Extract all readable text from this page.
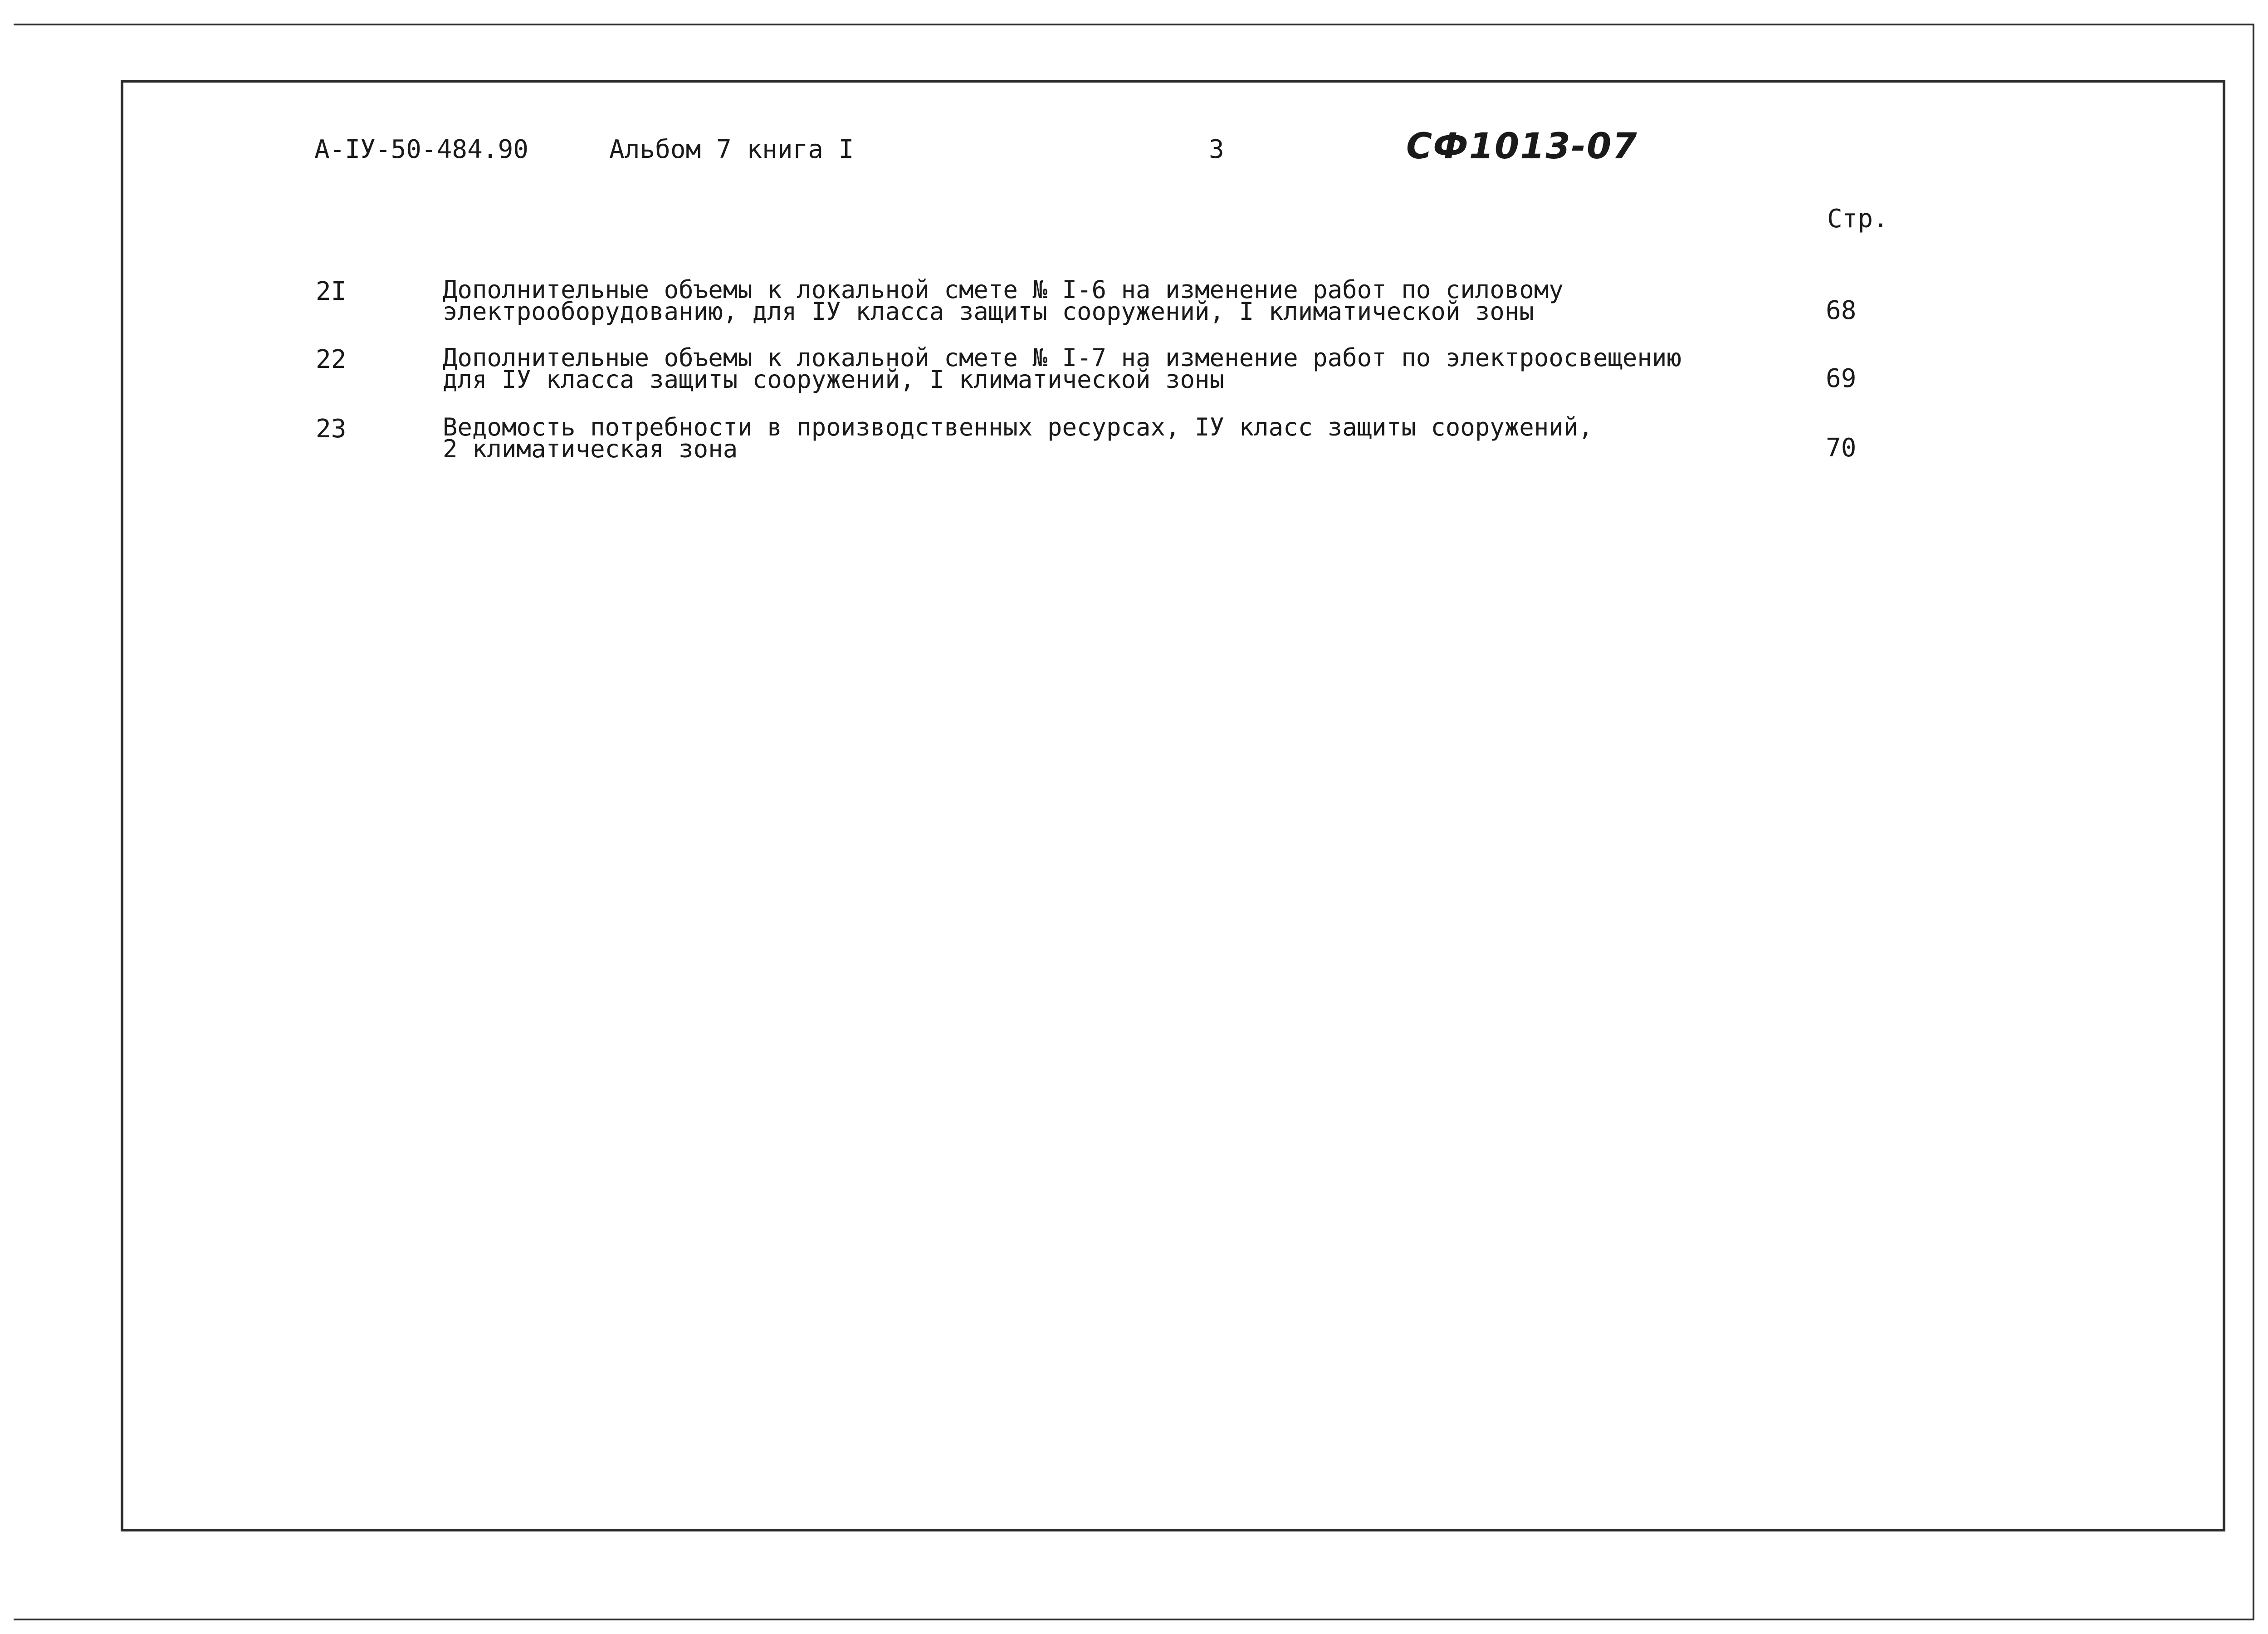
А-IУ-50-484.90	Альбом 7 книга I	3	СФ1013-07
Стр.
2I	Дополнительные объемы к локальной смете № I-6 на изменение работ по силовому
электрооборудованию, для IУ класса защиты сооружений, I климатической зоны	68
22	Дополнительные объемы к локальной смете № I-7 на изменение работ по электроосвещению
для IУ класса защиты сооружений, I климатической зоны	69
23	Ведомость потребности в производственных ресурсах, IУ класс защиты сооружений,
2 климатическая зона	70
